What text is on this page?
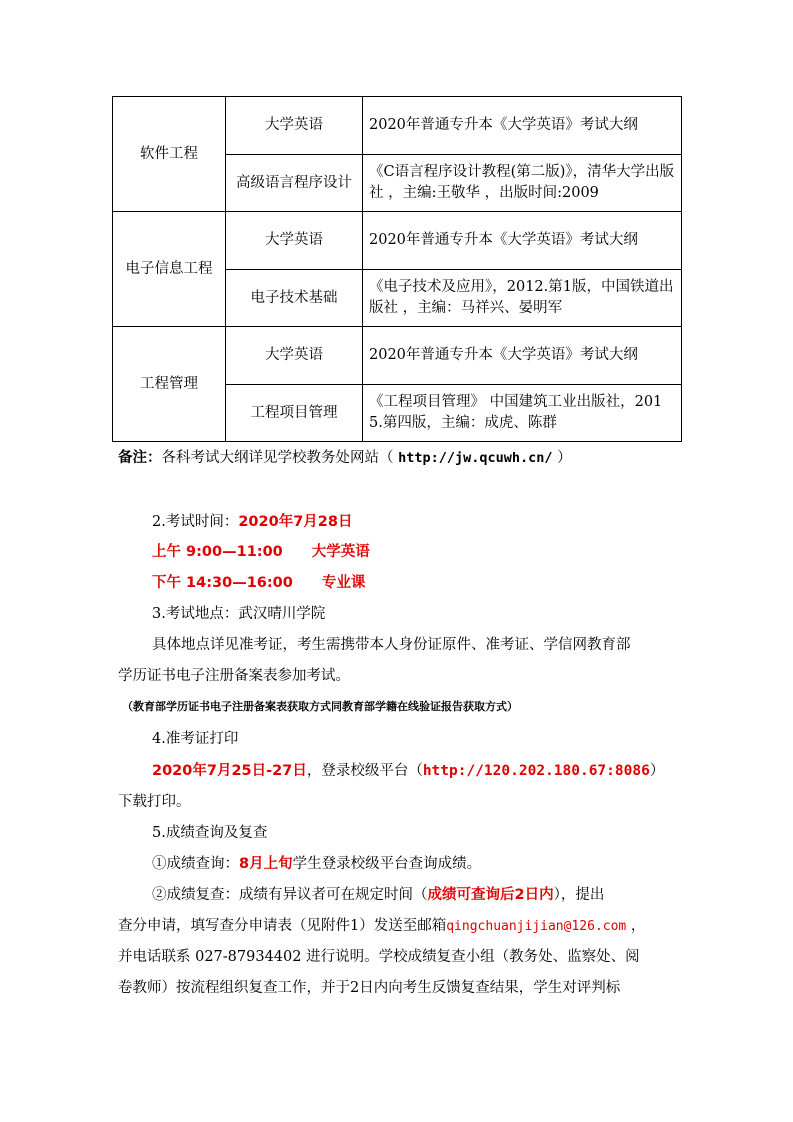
软件工程	大学英语	2020年普通专升本《大学英语》考试大纲
	高级语言程序设计	《C语言程序设计教程(第二版)》，清华大学出版社 ，主编:王敬华 ，出版时间:2009
电子信息工程	大学英语	2020年普通专升本《大学英语》考试大纲
	电子技术基础	《电子技术及应用》，2012.第1版，中国铁道出版社 ，主编：马祥兴、晏明军
工程管理	大学英语	2020年普通专升本《大学英语》考试大纲
	工程项目管理	《工程项目管理》 中国建筑工业出版社，2015.第四版，主编：成虎、陈群
备注：各科考试大纲详见学校教务处网站（ http://jw.qcuwh.cn/ ）
2.考试时间：2020年7月28日
上午 9:00—11:00　　大学英语
下午 14:30—16:00　　专业课
3.考试地点：武汉晴川学院
具体地点详见准考证，考生需携带本人身份证原件、准考证、学信网教育部
学历证书电子注册备案表参加考试。
（教育部学历证书电子注册备案表获取方式同教育部学籍在线验证报告获取方式）
4.准考证打印
2020年7月25日-27日，登录校级平台（http://120.202.180.67:8086）
下载打印。
5.成绩查询及复查
①成绩查询：8月上旬学生登录校级平台查询成绩。
②成绩复查：成绩有异议者可在规定时间（成绩可查询后2日内），提出
查分申请，填写查分申请表（见附件1）发送至邮箱qingchuanjijian@126.com ，
并电话联系 027-87934402 进行说明。学校成绩复查小组（教务处、监察处、阅
卷教师）按流程组织复查工作，并于2日内向考生反馈复查结果，学生对评判标
